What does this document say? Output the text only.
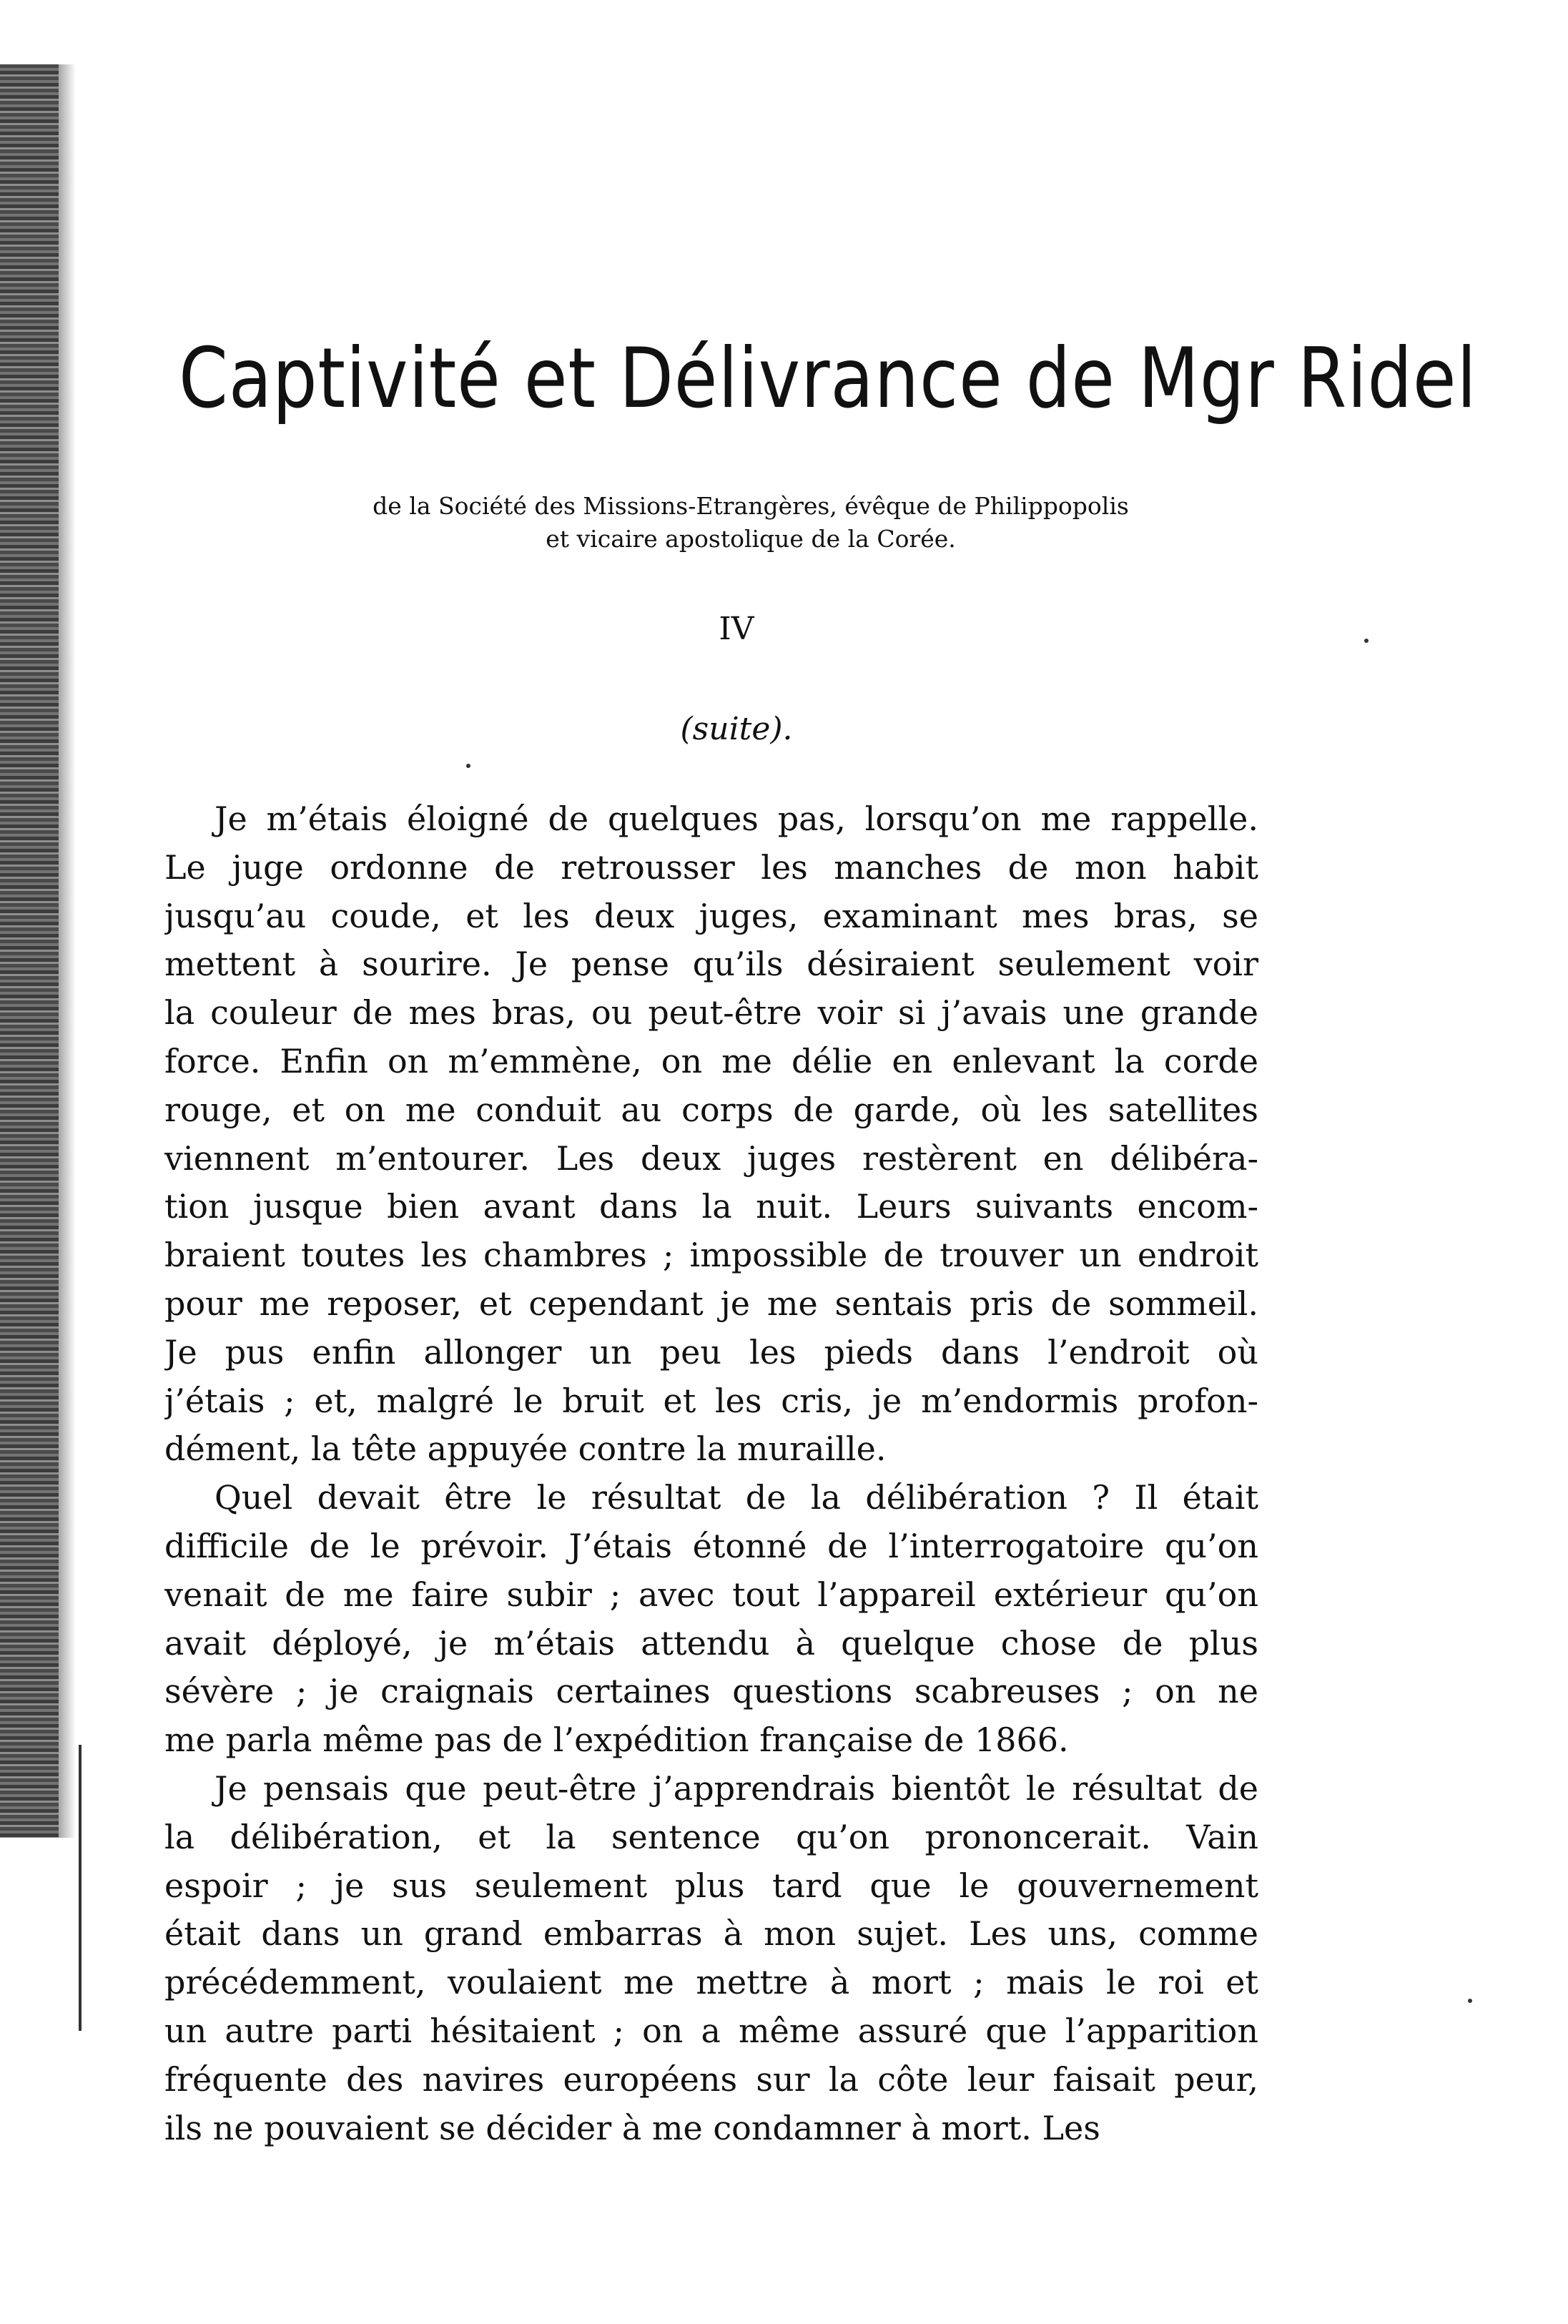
Captivité et Délivrance de Mgr Ridel
de la Société des Missions-Etrangères, évêque de Philippopolis
et vicaire apostolique de la Corée.
IV
(suite).
Je m’étais éloigné de quelques pas, lorsqu’on me rappelle.
Le juge ordonne de retrousser les manches de mon habit
jusqu’au coude, et les deux juges, examinant mes bras, se
mettent à sourire. Je pense qu’ils désiraient seulement voir
la couleur de mes bras, ou peut-être voir si j’avais une grande
force. Enfin on m’emmène, on me délie en enlevant la corde
rouge, et on me conduit au corps de garde, où les satellites
viennent m’entourer. Les deux juges restèrent en délibéra-
tion jusque bien avant dans la nuit. Leurs suivants encom-
braient toutes les chambres ; impossible de trouver un endroit
pour me reposer, et cependant je me sentais pris de sommeil.
Je pus enfin allonger un peu les pieds dans l’endroit où
j’étais ; et, malgré le bruit et les cris, je m’endormis profon-
dément, la tête appuyée contre la muraille.
Quel devait être le résultat de la délibération ? Il était
difficile de le prévoir. J’étais étonné de l’interrogatoire qu’on
venait de me faire subir ; avec tout l’appareil extérieur qu’on
avait déployé, je m’étais attendu à quelque chose de plus
sévère ; je craignais certaines questions scabreuses ; on ne
me parla même pas de l’expédition française de 1866.
Je pensais que peut-être j’apprendrais bientôt le résultat de
la délibération, et la sentence qu’on prononcerait. Vain
espoir ; je sus seulement plus tard que le gouvernement
était dans un grand embarras à mon sujet. Les uns, comme
précédemment, voulaient me mettre à mort ; mais le roi et
un autre parti hésitaient ; on a même assuré que l’apparition
fréquente des navires européens sur la côte leur faisait peur,
ils ne pouvaient se décider à me condamner à mort. Les
